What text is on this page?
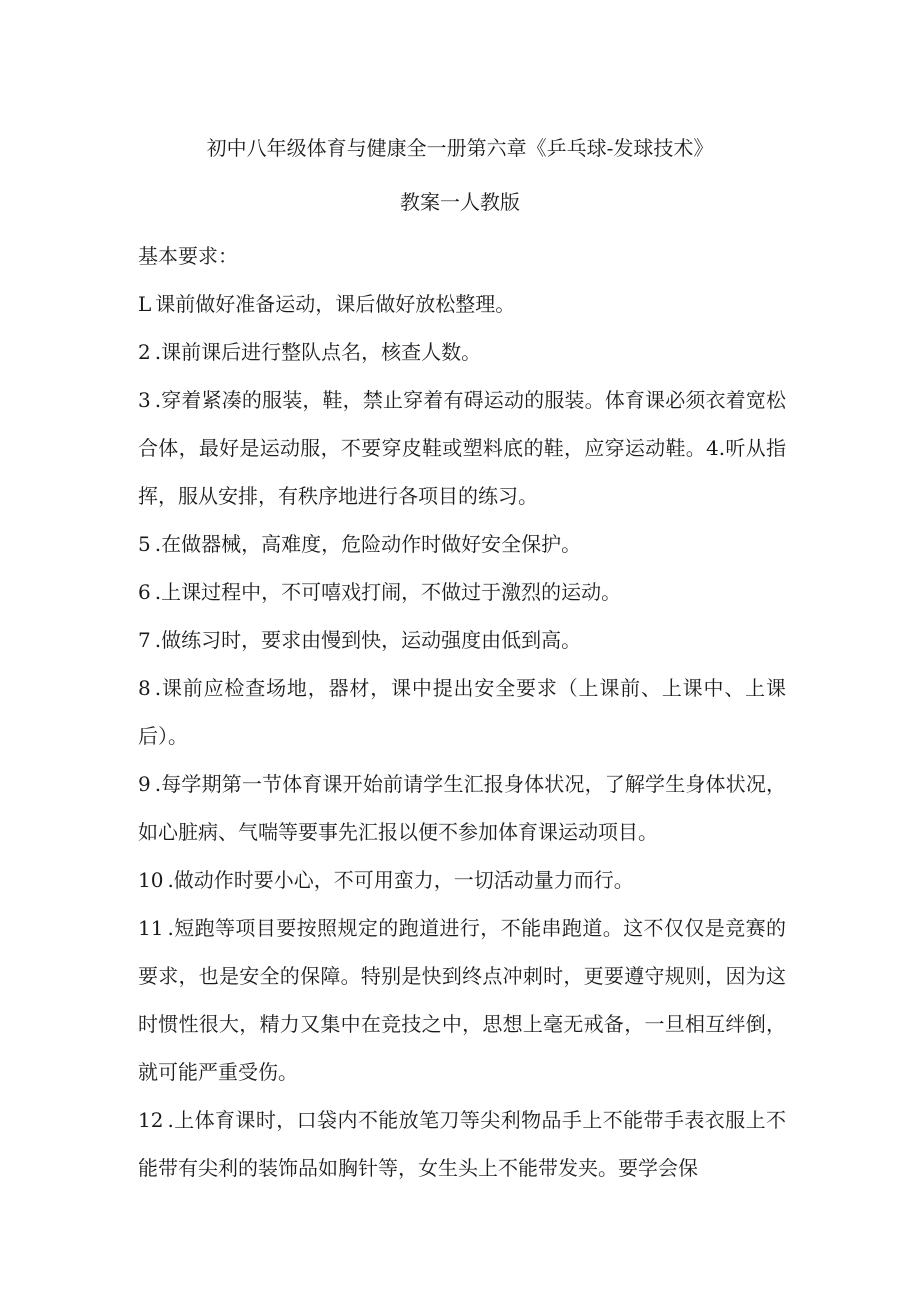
初中八年级体育与健康全一册第六章《乒乓球-发球技术》
教案一人教版
基本要求：

L 课前做好准备运动，课后做好放松整理。

2 .课前课后进行整队点名，核查人数。

3 .穿着紧凑的服装，鞋，禁止穿着有碍运动的服装。体育课必须衣着宽松合体，最好是运动服，不要穿皮鞋或塑料底的鞋，应穿运动鞋。4.听从指挥，服从安排，有秩序地进行各项目的练习。

5 .在做器械，高难度，危险动作时做好安全保护。

6 .上课过程中，不可嘻戏打闹，不做过于激烈的运动。

7 .做练习时，要求由慢到快，运动强度由低到高。

8 .课前应检查场地，器材，课中提出安全要求（上课前、上课中、上课后）。

9 .每学期第一节体育课开始前请学生汇报身体状况，了解学生身体状况，如心脏病、气喘等要事先汇报以便不参加体育课运动项目。

10 .做动作时要小心，不可用蛮力，一切活动量力而行。

11 .短跑等项目要按照规定的跑道进行，不能串跑道。这不仅仅是竞赛的要求，也是安全的保障。特别是快到终点冲刺时，更要遵守规则，因为这时惯性很大，精力又集中在竞技之中，思想上毫无戒备，一旦相互绊倒，就可能严重受伤。

12 .上体育课时，口袋内不能放笔刀等尖利物品手上不能带手表衣服上不能带有尖利的装饰品如胸针等，女生头上不能带发夹。要学会保
